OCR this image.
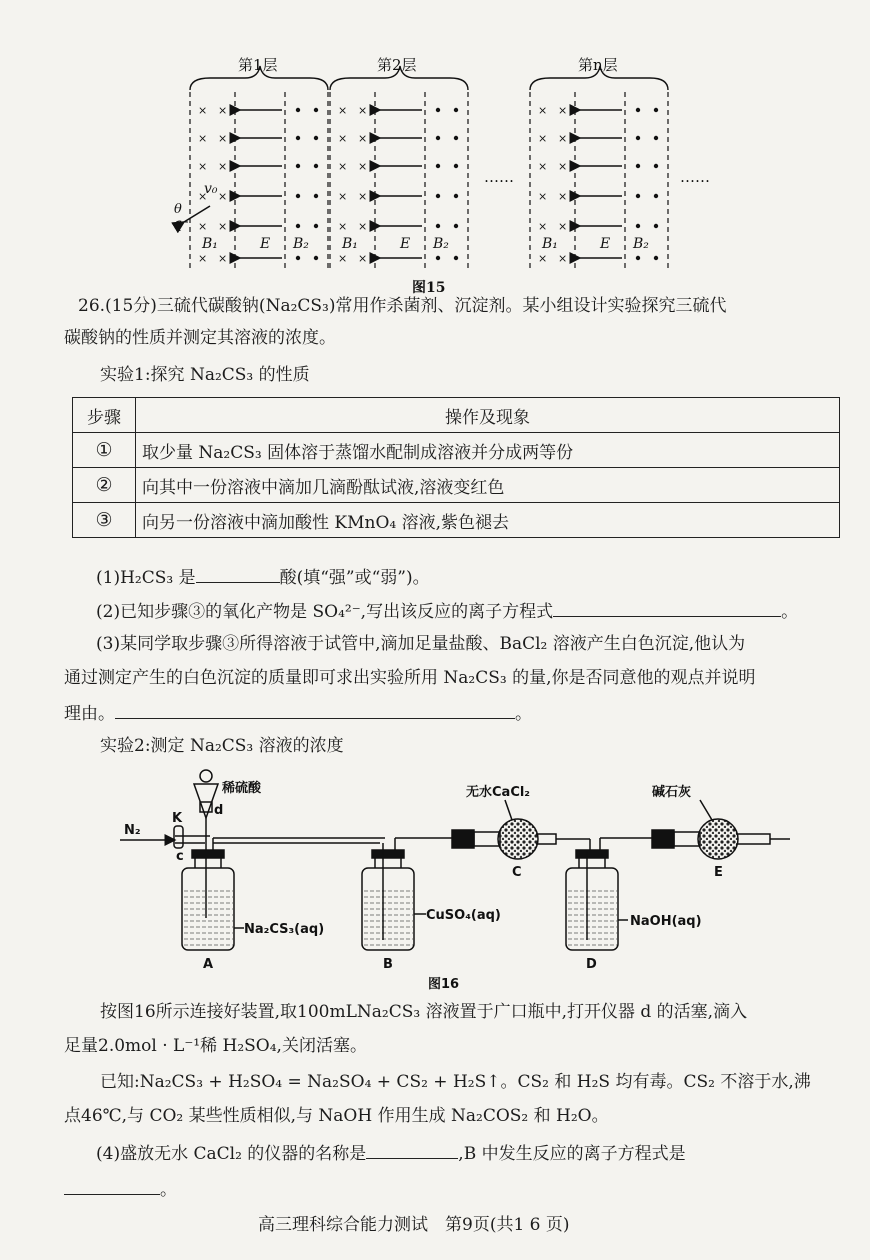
第1层	第2层	第n层
……	……
v₀
θ
q
× ×
× ×
× ×
× ×
× ×
× ×
B₁	E B₂
× ×
× ×
× ×
× ×
× ×
× ×
B₁	E B₂
× ×
× ×
× ×
× ×
× ×
× ×
B₁	E B₂
图15
26.(15分)三硫代碳酸钠(Na₂CS₃)常用作杀菌剂、沉淀剂。某小组设计实验探究三硫代
碳酸钠的性质并测定其溶液的浓度。
实验1:探究 Na₂CS₃ 的性质
步骤	操作及现象
①	取少量 Na₂CS₃ 固体溶于蒸馏水配制成溶液并分成两等份
②	向其中一份溶液中滴加几滴酚酞试液,溶液变红色
③	向另一份溶液中滴加酸性 KMnO₄ 溶液,紫色褪去
(1)H₂CS₃ 是	酸(填“强”或“弱”)。
(2)已知步骤③的氧化产物是 SO₄²⁻,写出该反应的离子方程式	。
(3)某同学取步骤③所得溶液于试管中,滴加足量盐酸、BaCl₂ 溶液产生白色沉淀,他认为
通过测定产生的白色沉淀的质量即可求出实验所用 Na₂CS₃ 的量,你是否同意他的观点并说明
理由。	。
实验2:测定 Na₂CS₃ 溶液的浓度
稀硫酸
d
K
c
N₂
无水CaCl₂	碱石灰
Na₂CS₃(aq)
CuSO₄(aq)	NaOH(aq)
A	B
C
D
E
图16
按图16所示连接好装置,取100mLNa₂CS₃ 溶液置于广口瓶中,打开仪器 d 的活塞,滴入
足量2.0mol · L⁻¹稀 H₂SO₄,关闭活塞。
已知:Na₂CS₃ + H₂SO₄ = Na₂SO₄ + CS₂ + H₂S↑。CS₂ 和 H₂S 均有毒。CS₂ 不溶于水,沸
点46℃,与 CO₂ 某些性质相似,与 NaOH 作用生成 Na₂COS₂ 和 H₂O。
(4)盛放无水 CaCl₂ 的仪器的名称是	,B 中发生反应的离子方程式是
。
高三理科综合能力测试　第9页(共1 6 页)
